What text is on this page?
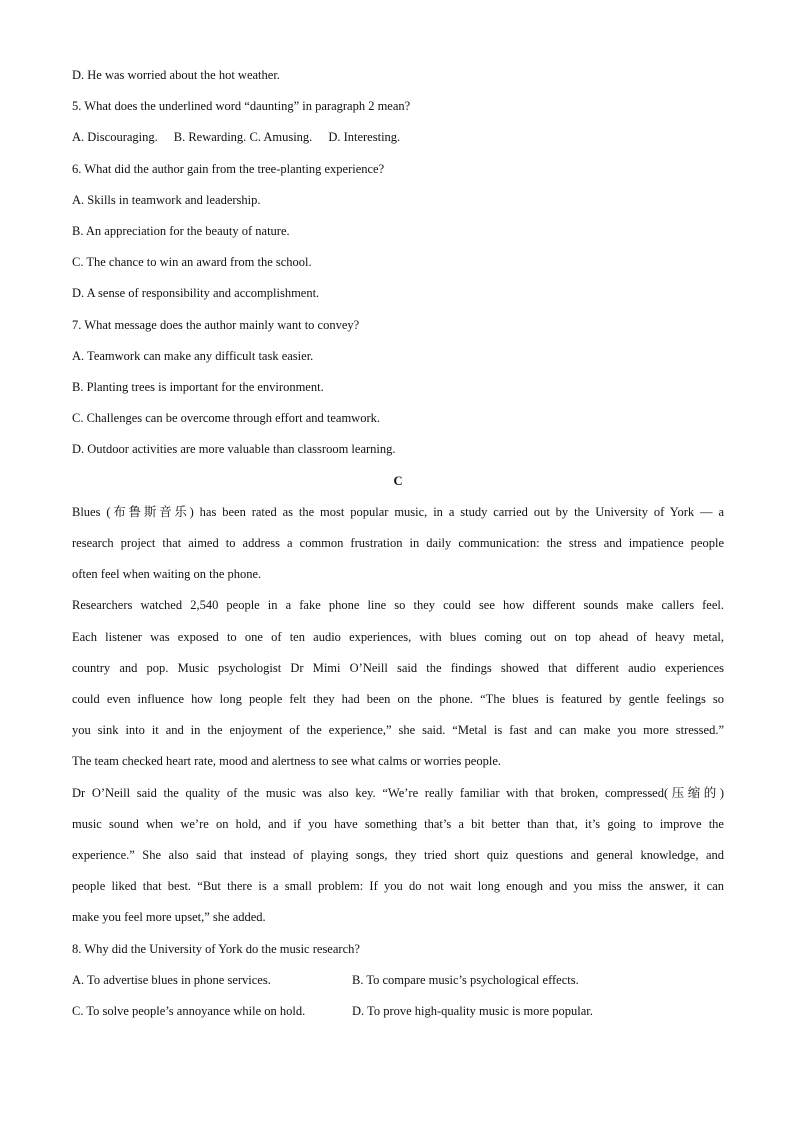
D. He was worried about the hot weather.
5. What does the underlined word “daunting” in paragraph 2 mean?
A. Discouraging. B. Rewarding. C. Amusing. D. Interesting.
6. What did the author gain from the tree-planting experience?
A. Skills in teamwork and leadership.
B. An appreciation for the beauty of nature.
C. The chance to win an award from the school.
D. A sense of responsibility and accomplishment.
7. What message does the author mainly want to convey?
A. Teamwork can make any difficult task easier.
B. Planting trees is important for the environment.
C. Challenges can be overcome through effort and teamwork.
D. Outdoor activities are more valuable than classroom learning.
C
Blues (布鲁斯音乐) has been rated as the most popular music, in a study carried out by the University of York — a
research project that aimed to address a common frustration in daily communication: the stress and impatience people
often feel when waiting on the phone.
Researchers watched 2,540 people in a fake phone line so they could see how different sounds make callers feel.
Each listener was exposed to one of ten audio experiences, with blues coming out on top ahead of heavy metal,
country and pop. Music psychologist Dr Mimi O’Neill said the findings showed that different audio experiences
could even influence how long people felt they had been on the phone. “The blues is featured by gentle feelings so
you sink into it and in the enjoyment of the experience,” she said. “Metal is fast and can make you more stressed.”
The team checked heart rate, mood and alertness to see what calms or worries people.
Dr O’Neill said the quality of the music was also key. “We’re really familiar with that broken, compressed(压缩的)
music sound when we’re on hold, and if you have something that’s a bit better than that, it’s going to improve the
experience.” She also said that instead of playing songs, they tried short quiz questions and general knowledge, and
people liked that best. “But there is a small problem: If you do not wait long enough and you miss the answer, it can
make you feel more upset,” she added.
8. Why did the University of York do the music research?
A. To advertise blues in phone services.	B. To compare music’s psychological effects.
C. To solve people’s annoyance while on hold.	D. To prove high-quality music is more popular.
